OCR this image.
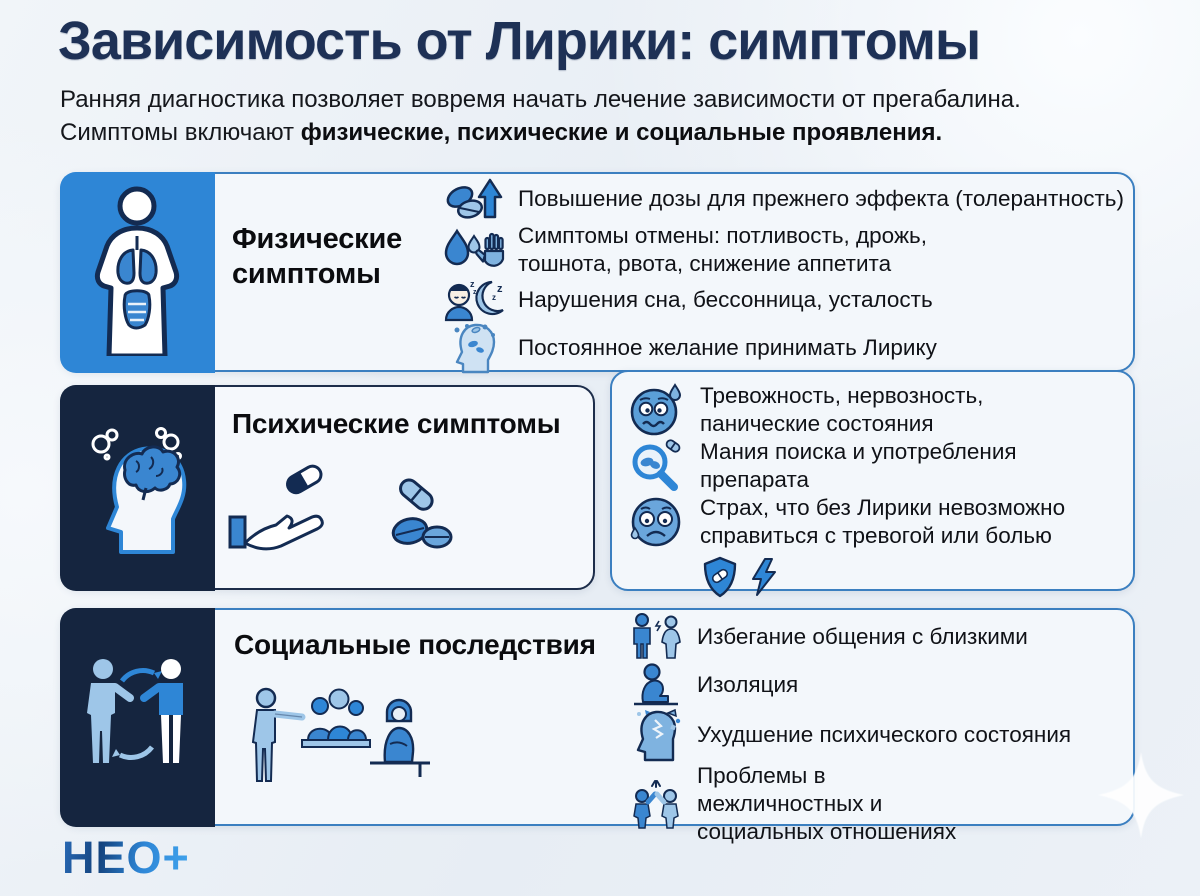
Зависимость от Лирики: симптомы
Ранняя диагностика позволяет вовремя начать лечение зависимости от прегабалина.
Симптомы включают физические, психические и социальные проявления.
Физические симптомы
Повышение дозы для прежнего эффекта (толерантность)
Симптомы отмены: потливость, дрожь, тошнота, рвота, снижение аппетита
z
z
z
z Нарушения сна, бессонница, усталость
Постоянное желание принимать Лирику
Тревожность, нервозность, панические состояния
Мания поиска и употребления препарата
Страх, что без Лирики невозможно справиться с тревогой или болью
Психические симптомы
Социальные последствия	Избегание общения с близкими
Изоляция
Ухудшение психического состояния
Проблемы в межличностных и социальных отношениях
НЕО+
